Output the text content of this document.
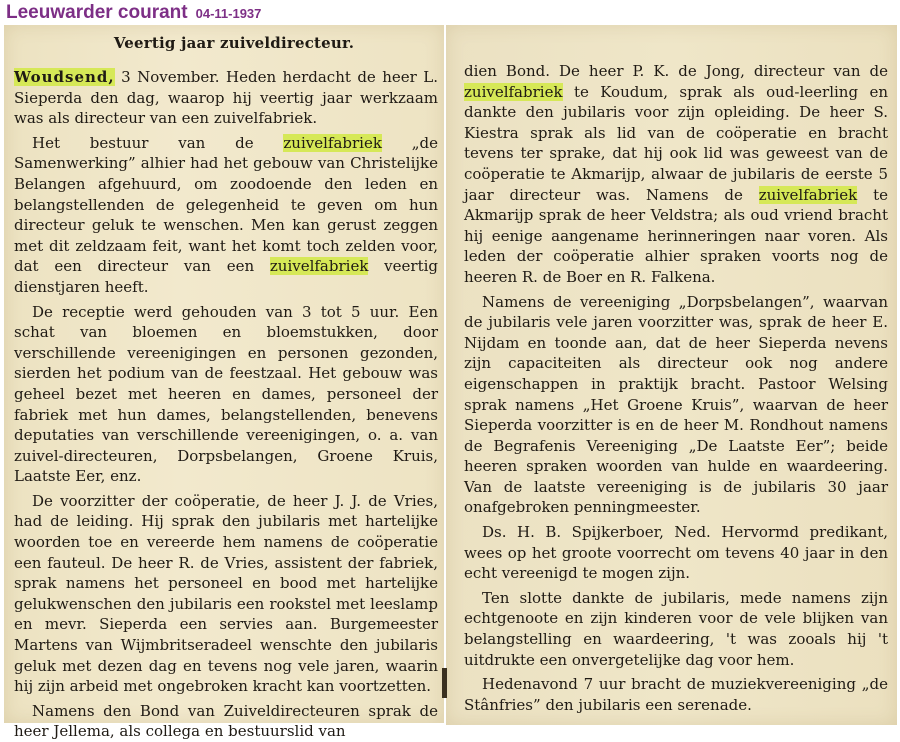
Leeuwarder courant 04-11-1937
Veertig jaar zuiveldirecteur.

Woudsend, 3 November. Heden herdacht de heer L. Sieperda den dag, waarop hij veertig jaar werkzaam was als directeur van een zuivelfabriek.

Het bestuur van de zuivelfabriek „de Samenwerking” alhier had het gebouw van Christelijke Belangen afgehuurd, om zoodoende den leden en belangstellenden de gelegenheid te geven om hun directeur geluk te wenschen. Men kan gerust zeggen met dit zeldzaam feit, want het komt toch zelden voor, dat een directeur van een zuivelfabriek veertig dienstjaren heeft.

De receptie werd gehouden van 3 tot 5 uur. Een schat van bloemen en bloemstukken, door verschillende vereenigingen en personen gezonden, sierden het podium van de feestzaal. Het gebouw was geheel bezet met heeren en dames, personeel der fabriek met hun dames, belangstellenden, benevens deputaties van verschillende vereenigingen, o. a. van zuivel-directeuren, Dorpsbelangen, Groene Kruis, Laatste Eer, enz.

De voorzitter der coöperatie, de heer J. J. de Vries, had de leiding. Hij sprak den jubilaris met hartelijke woorden toe en vereerde hem namens de coöperatie een fauteul. De heer R. de Vries, assistent der fabriek, sprak namens het personeel en bood met hartelijke gelukwenschen den jubilaris een rookstel met leeslamp en mevr. Sieperda een servies aan. Burgemeester Martens van Wijmbritseradeel wenschte den jubilaris geluk met dezen dag en tevens nog vele jaren, waarin hij zijn arbeid met ongebroken kracht kan voortzetten.

Namens den Bond van Zuiveldirecteuren sprak de heer Jellema, als collega en bestuurslid van

dien Bond. De heer P. K. de Jong, directeur van de zuivelfabriek te Koudum, sprak als oud-leerling en dankte den jubilaris voor zijn opleiding. De heer S. Kiestra sprak als lid van de coöperatie en bracht tevens ter sprake, dat hij ook lid was geweest van de coöperatie te Akmarijp, alwaar de jubilaris de eerste 5 jaar directeur was. Namens de zuivelfabriek te Akmarijp sprak de heer Veldstra; als oud vriend bracht hij eenige aangename herinneringen naar voren. Als leden der coöperatie alhier spraken voorts nog de heeren R. de Boer en R. Falkena.

Namens de vereeniging „Dorpsbelangen”, waarvan de jubilaris vele jaren voorzitter was, sprak de heer E. Nijdam en toonde aan, dat de heer Sieperda nevens zijn capaciteiten als directeur ook nog andere eigenschappen in praktijk bracht. Pastoor Welsing sprak namens „Het Groene Kruis”, waarvan de heer Sieperda voorzitter is en de heer M. Rondhout namens de Begrafenis Vereeniging „De Laatste Eer”; beide heeren spraken woorden van hulde en waardeering. Van de laatste vereeniging is de jubilaris 30 jaar onafgebroken penningmeester.

Ds. H. B. Spijkerboer, Ned. Hervormd predikant, wees op het groote voorrecht om tevens 40 jaar in den echt vereenigd te mogen zijn.

Ten slotte dankte de jubilaris, mede namens zijn echtgenoote en zijn kinderen voor de vele blijken van belangstelling en waardeering, 't was zooals hij 't uitdrukte een onvergetelijke dag voor hem.

Hedenavond 7 uur bracht de muziekvereeniging „de Stânfries” den jubilaris een serenade.
